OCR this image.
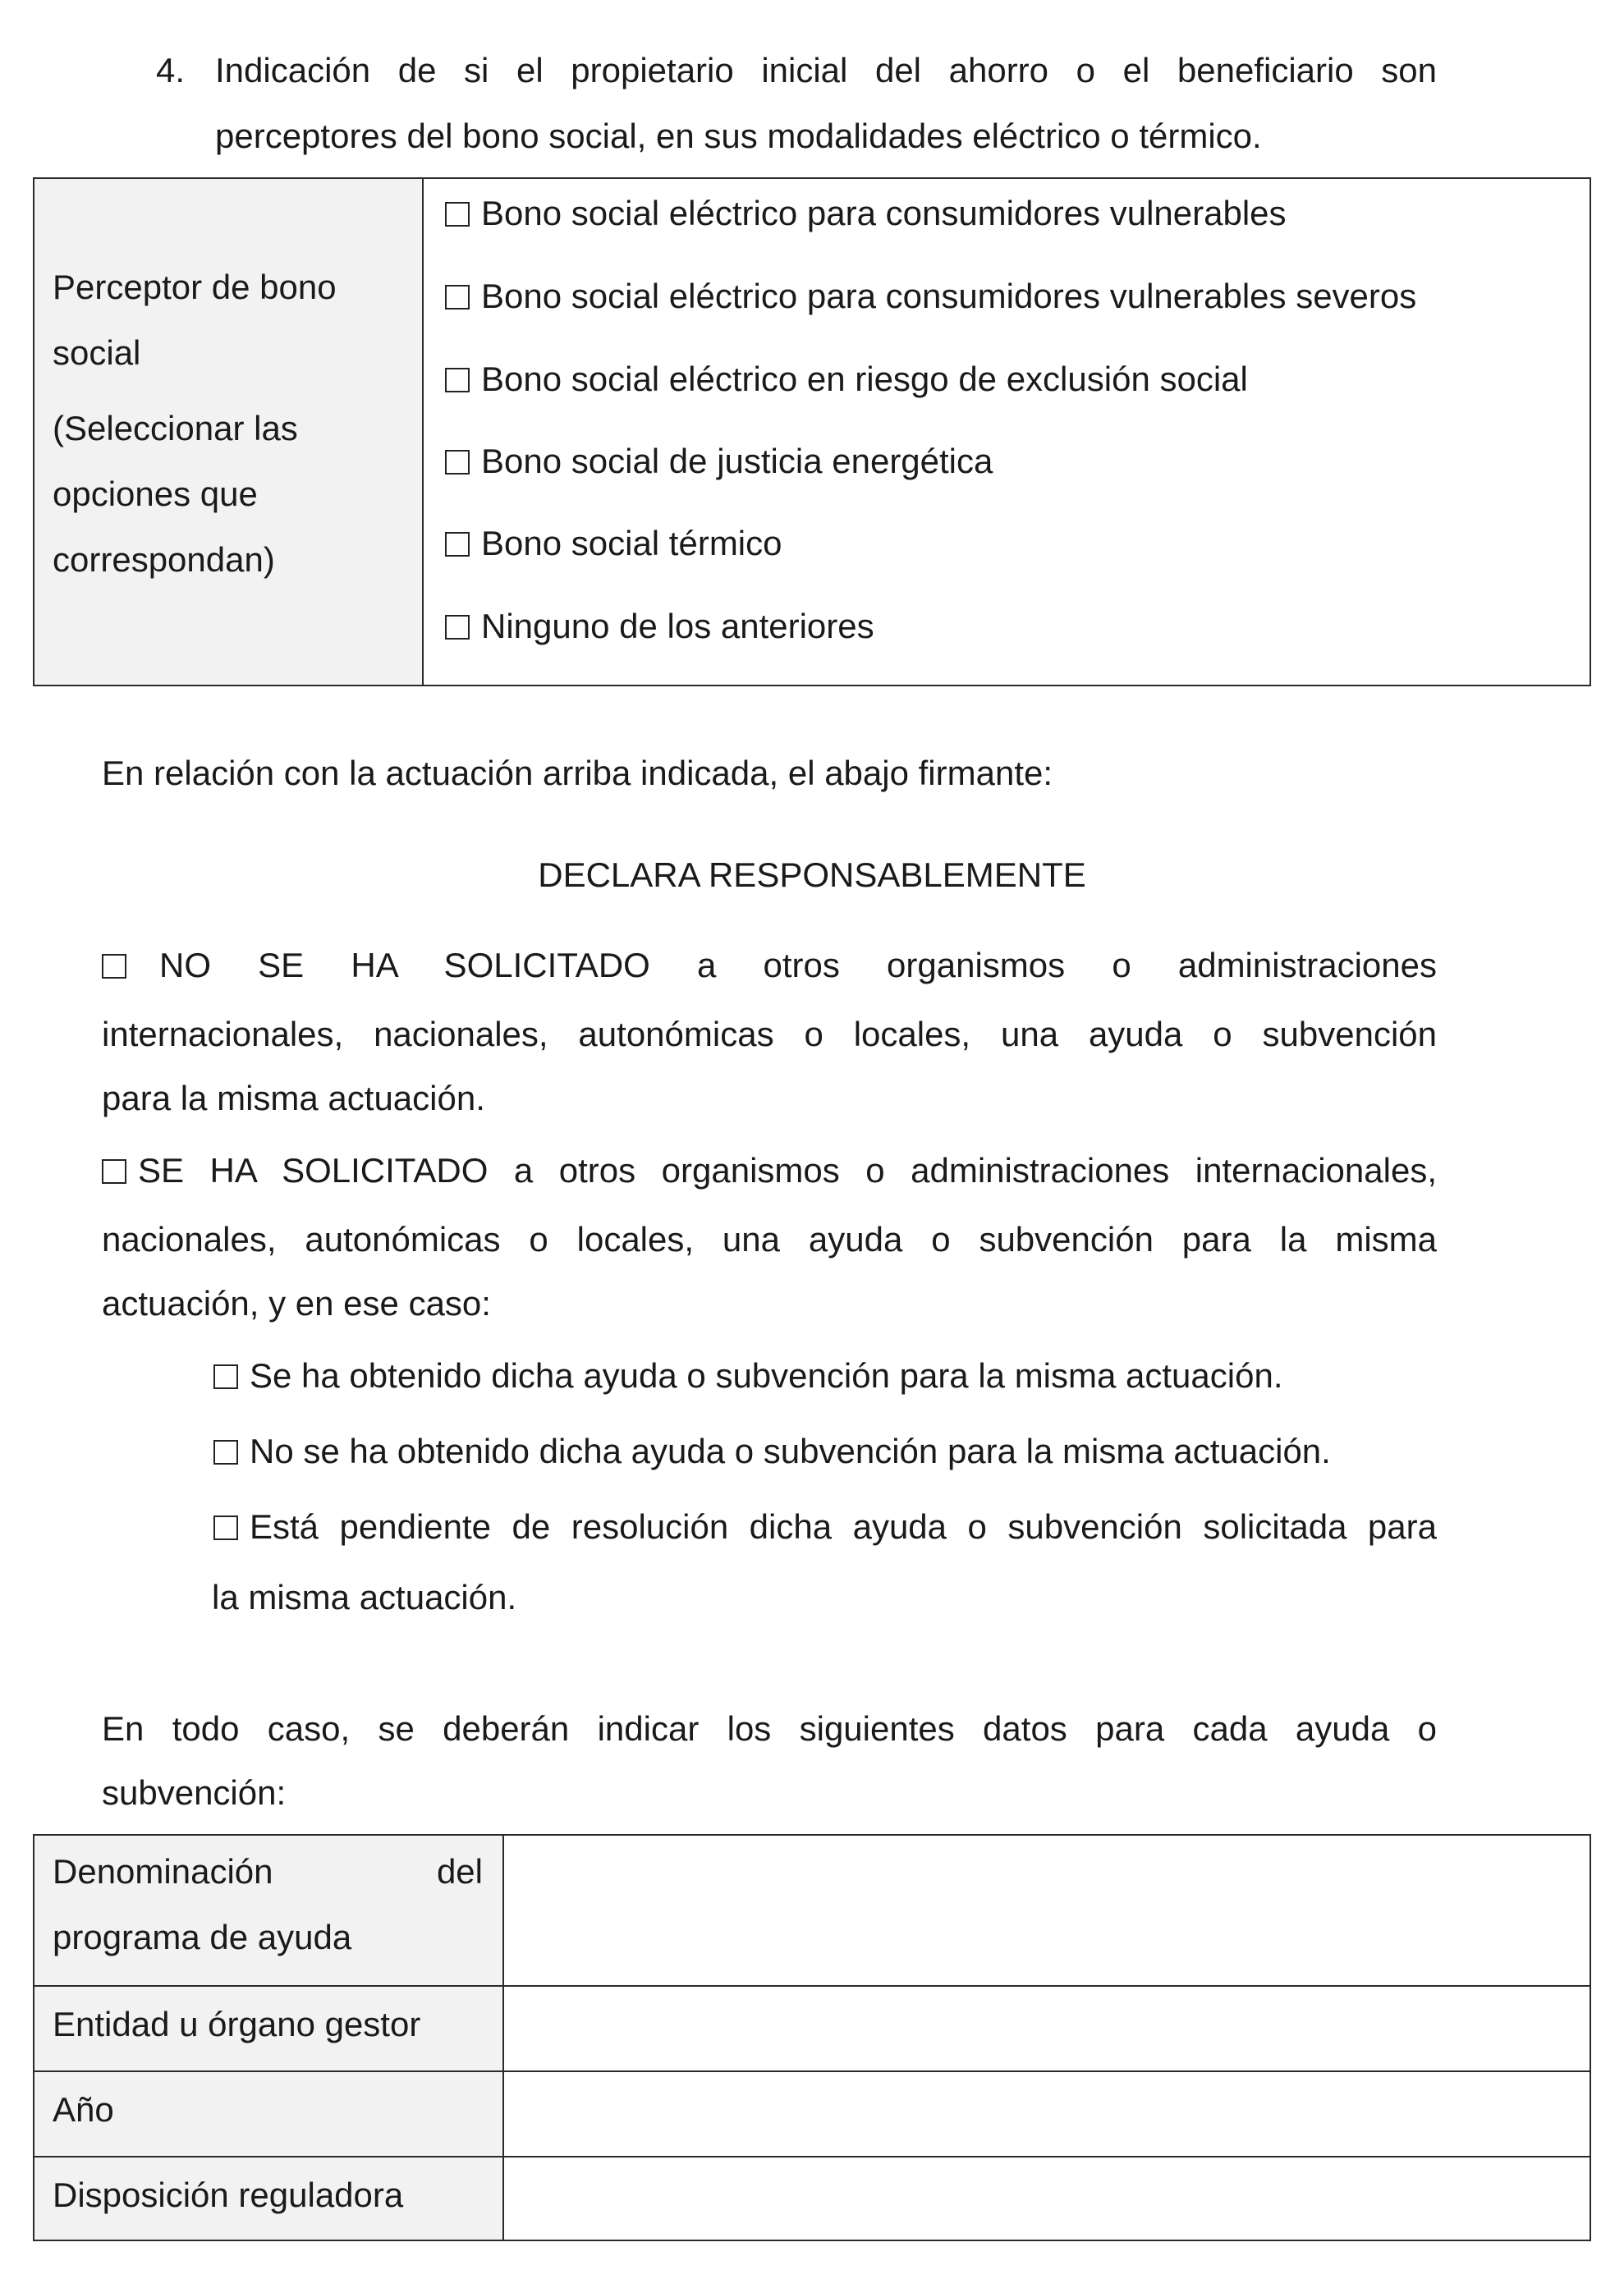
4. Indicación de si el propietario inicial del ahorro o el beneficiario son
perceptores del bono social, en sus modalidades eléctrico o térmico.
Perceptor de bono
social
(Seleccionar las
opciones que
correspondan)
Bono social eléctrico para consumidores vulnerables
Bono social eléctrico para consumidores vulnerables severos
Bono social eléctrico en riesgo de exclusión social
Bono social de justicia energética
Bono social térmico
Ninguno de los anteriores
En relación con la actuación arriba indicada, el abajo firmante:
DECLARA RESPONSABLEMENTE
NO SE HA SOLICITADO a otros organismos o administraciones
internacionales, nacionales, autonómicas o locales, una ayuda o subvención
para la misma actuación.
SE HA SOLICITADO a otros organismos o administraciones internacionales,
nacionales, autonómicas o locales, una ayuda o subvención para la misma
actuación, y en ese caso:
Se ha obtenido dicha ayuda o subvención para la misma actuación.
No se ha obtenido dicha ayuda o subvención para la misma actuación.
Está pendiente de resolución dicha ayuda o subvención solicitada para
la misma actuación.
En todo caso, se deberán indicar los siguientes datos para cada ayuda o
subvención:
Denominación	del
programa de ayuda
Entidad u órgano gestor
Año
Disposición reguladora
